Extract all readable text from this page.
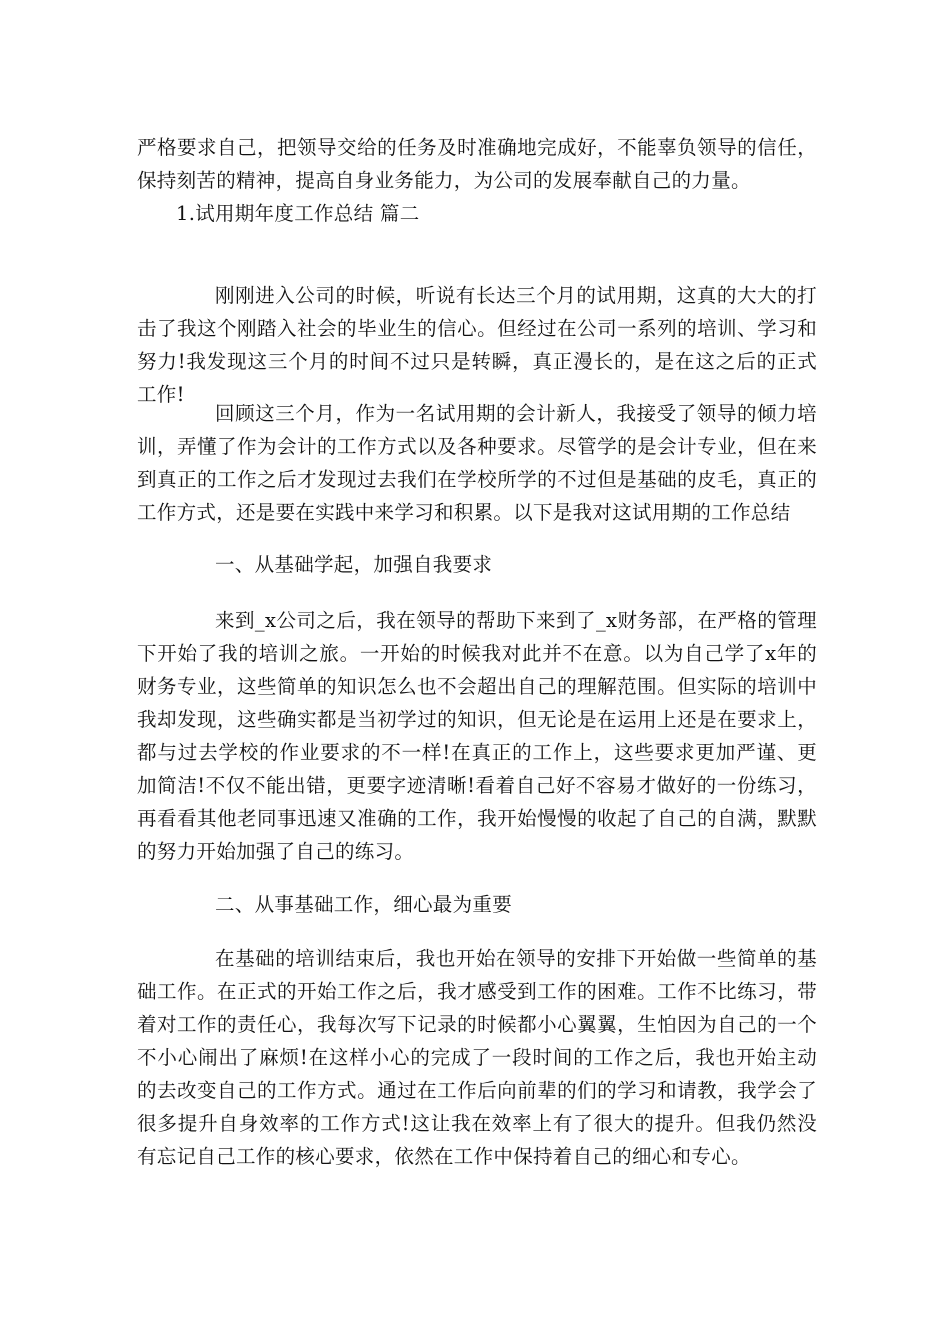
严格要求自己，把领导交给的任务及时准确地完成好，不能辜负领导的信任，保持刻苦的精神，提高自身业务能力，为公司的发展奉献自己的力量。

1.试用期年度工作总结 篇二

刚刚进入公司的时候，听说有长达三个月的试用期，这真的大大的打击了我这个刚踏入社会的毕业生的信心。但经过在公司一系列的培训、学习和努力!我发现这三个月的时间不过只是转瞬，真正漫长的，是在这之后的正式工作!

回顾这三个月，作为一名试用期的会计新人，我接受了领导的倾力培训，弄懂了作为会计的工作方式以及各种要求。尽管学的是会计专业，但在来到真正的工作之后才发现过去我们在学校所学的不过但是基础的皮毛，真正的工作方式，还是要在实践中来学习和积累。以下是我对这试用期的工作总结

一、从基础学起，加强自我要求

来到_x公司之后，我在领导的帮助下来到了_x财务部，在严格的管理下开始了我的培训之旅。一开始的时候我对此并不在意。以为自己学了x年的财务专业，这些简单的知识怎么也不会超出自己的理解范围。但实际的培训中我却发现，这些确实都是当初学过的知识，但无论是在运用上还是在要求上，都与过去学校的作业要求的不一样!在真正的工作上，这些要求更加严谨、更加简洁!不仅不能出错，更要字迹清晰!看着自己好不容易才做好的一份练习，再看看其他老同事迅速又准确的工作，我开始慢慢的收起了自己的自满，默默的努力开始加强了自己的练习。

二、从事基础工作，细心最为重要

在基础的培训结束后，我也开始在领导的安排下开始做一些简单的基础工作。在正式的开始工作之后，我才感受到工作的困难。工作不比练习，带着对工作的责任心，我每次写下记录的时候都小心翼翼，生怕因为自己的一个不小心闹出了麻烦!在这样小心的完成了一段时间的工作之后，我也开始主动的去改变自己的工作方式。通过在工作后向前辈的们的学习和请教，我学会了很多提升自身效率的工作方式!这让我在效率上有了很大的提升。但我仍然没有忘记自己工作的核心要求，依然在工作中保持着自己的细心和专心。
